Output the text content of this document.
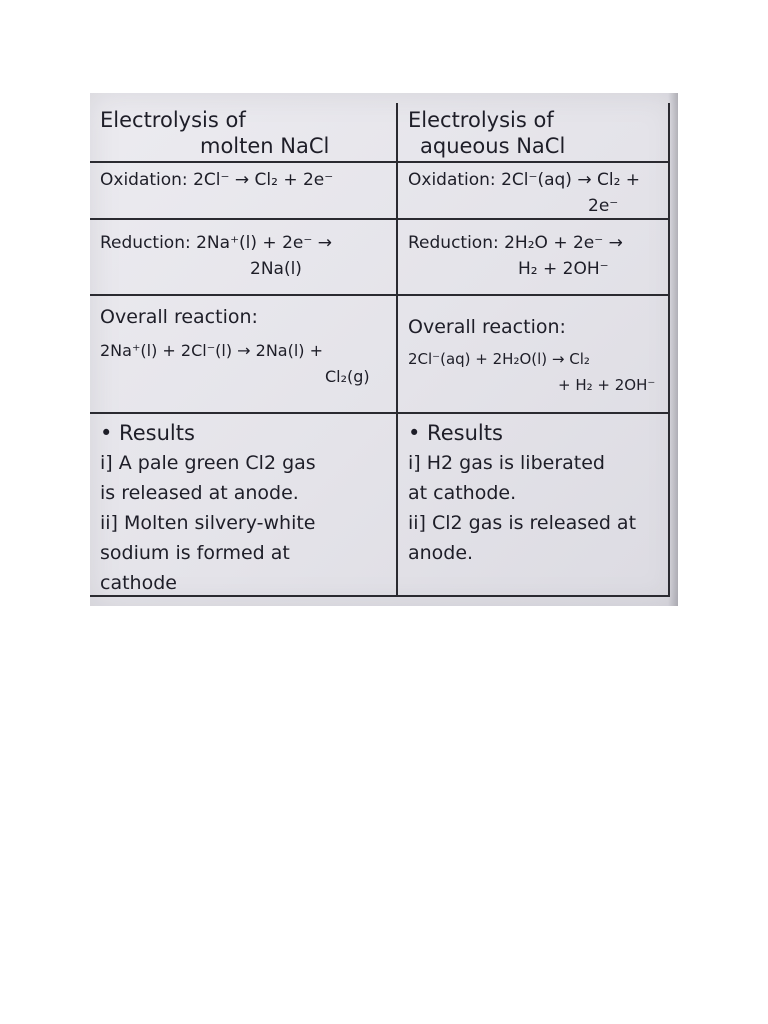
Electrolysis of
molten NaCl
Electrolysis of
aqueous NaCl
Oxidation: 2Cl⁻ → Cl₂ + 2e⁻	Oxidation: 2Cl⁻(aq) → Cl₂ +
2e⁻
Reduction: 2Na⁺(l) + 2e⁻ →
2Na(l)
Reduction: 2H₂O + 2e⁻ →
H₂ + 2OH⁻
Overall reaction:
2Na⁺(l) + 2Cl⁻(l) → 2Na(l) +
Cl₂(g)
Overall reaction:
2Cl⁻(aq) + 2H₂O(l) → Cl₂
+ H₂ + 2OH⁻
• Results
i] A pale green Cl2 gas
is released at anode.
ii] Molten silvery-white
sodium is formed at
cathode
• Results
i] H2 gas is liberated
at cathode.
ii] Cl2 gas is released at
anode.
